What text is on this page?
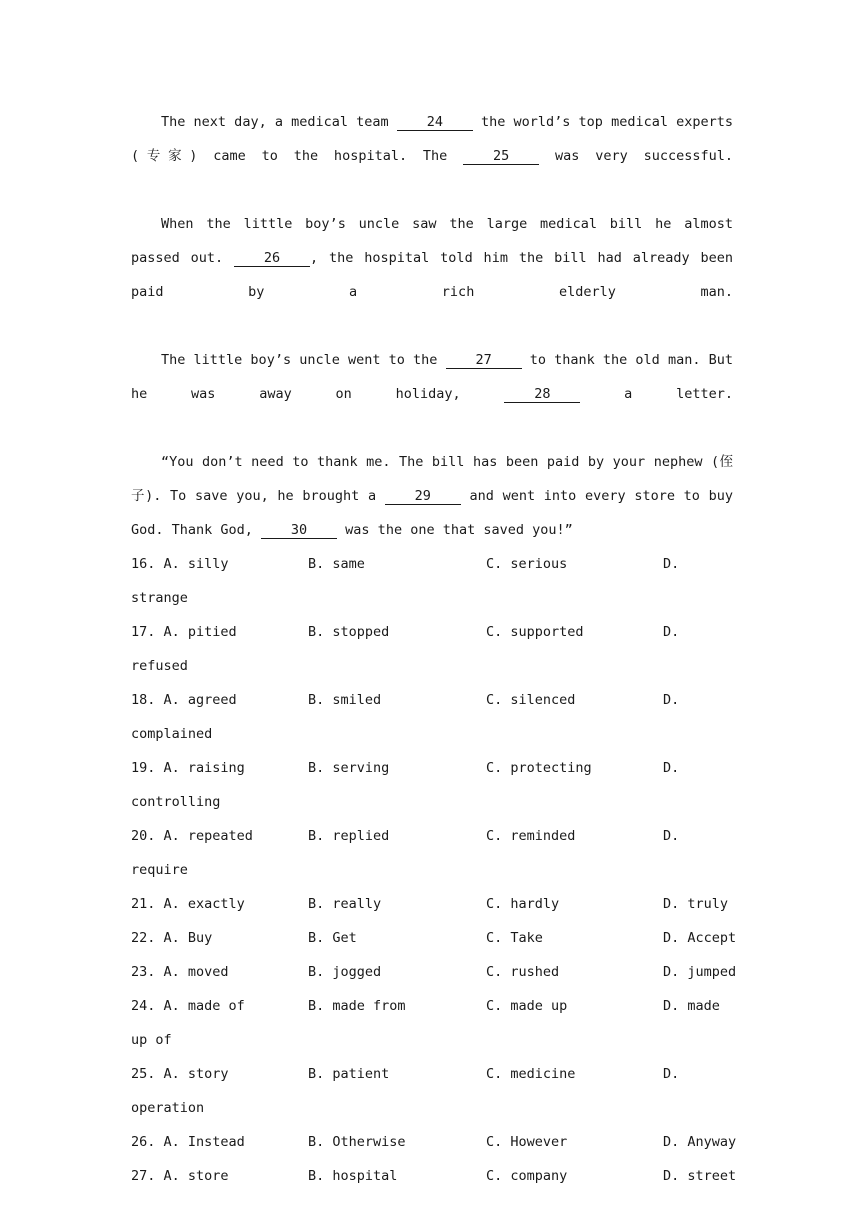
The next day, a medical team 24 the world’s top medical experts (专家) came to the hospital. The 25 was very successful.

When the little boy’s uncle saw the large medical bill he almost passed out. 26 , the hospital told him the bill had already been paid by a rich elderly man.

The little boy’s uncle went to the 27 to thank the old man. But he was away on holiday, 28 a letter.

“You don’t need to thank me. The bill has been paid by your nephew (侄子). To save you, he brought a 29 and went into every store to buy God. Thank God, 30 was the one that saved you!”

16. A. silly	B. same	C. serious	D.
strange
17. A. pitied	B. stopped	C. supported	D.
refused
18. A. agreed	B. smiled	C. silenced	D.
complained
19. A. raising	B. serving	C. protecting	D.
controlling
20. A. repeated	B. replied	C. reminded	D.
require
21. A. exactly	B. really	C. hardly	D. truly
22. A. Buy	B. Get	C. Take	D. Accept
23. A. moved	B. jogged	C. rushed	D. jumped
24. A. made of	B. made from	C. made up	D. made
up of
25. A. story	B. patient	C. medicine	D.
operation
26. A. Instead	B. Otherwise	C. However	D. Anyway
27. A. store	B. hospital	C. company	D. street
